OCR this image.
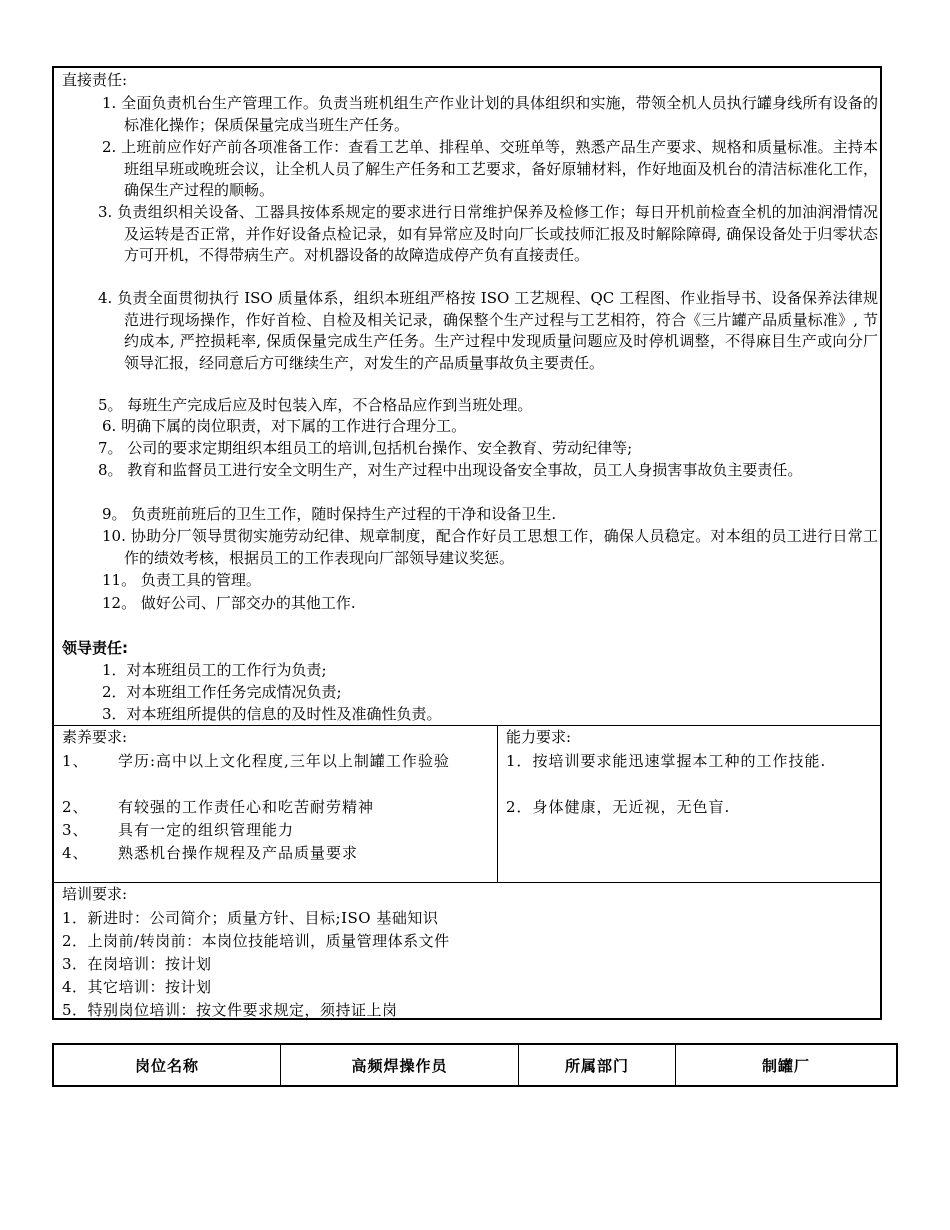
直接责任:
1. 全面负责机台生产管理工作。负责当班机组生产作业计划的具体组织和实施，带领全机人员执行罐身线所有设备的标准化操作；保质保量完成当班生产任务。
2. 上班前应作好产前各项准备工作：查看工艺单、排程单、交班单等，熟悉产品生产要求、规格和质量标准。主持本班组早班或晚班会议，让全机人员了解生产任务和工艺要求，备好原辅材料，作好地面及机台的清洁标准化工作，确保生产过程的顺畅。
3. 负责组织相关设备、工器具按体系规定的要求进行日常维护保养及检修工作；每日开机前检查全机的加油润滑情况及运转是否正常，并作好设备点检记录，如有异常应及时向厂长或技师汇报及时解除障碍, 确保设备处于归零状态方可开机，不得带病生产。对机器设备的故障造成停产负有直接责任。
4. 负责全面贯彻执行 ISO 质量体系，组织本班组严格按 ISO 工艺规程、QC 工程图、作业指导书、设备保养法律规范进行现场操作，作好首检、自检及相关记录，确保整个生产过程与工艺相符，符合《三片罐产品质量标准》, 节约成本, 严控损耗率, 保质保量完成生产任务。生产过程中发现质量问题应及时停机调整，不得麻目生产或向分厂领导汇报，经同意后方可继续生产，对发生的产品质量事故负主要责任。
5。 每班生产完成后应及时包装入库，不合格品应作到当班处理。
6. 明确下属的岗位职责，对下属的工作进行合理分工。
7。 公司的要求定期组织本组员工的培训,包括机台操作、安全教育、劳动纪律等;
8。 教育和监督员工进行安全文明生产，对生产过程中出现设备安全事故，员工人身损害事故负主要责任。
9。 负责班前班后的卫生工作，随时保持生产过程的干净和设备卫生.
10. 协助分厂领导贯彻实施劳动纪律、规章制度，配合作好员工思想工作，确保人员稳定。对本组的员工进行日常工作的绩效考核，根据员工的工作表现向厂部领导建议奖惩。
11。 负责工具的管理。
12。 做好公司、厂部交办的其他工作.
领导责任:
1．对本班组员工的工作行为负责;
2．对本班组工作任务完成情况负责;
3．对本班组所提供的信息的及时性及准确性负责。
素养要求:
1、 学历:高中以上文化程度,三年以上制罐工作验验
2、 有较强的工作责任心和吃苦耐劳精神
3、 具有一定的组织管理能力
4、 熟悉机台操作规程及产品质量要求
能力要求:
1．按培训要求能迅速掌握本工种的工作技能.
2．身体健康，无近视，无色盲.
培训要求:
1．新进时：公司简介；质量方针、目标;ISO 基础知识
2．上岗前/转岗前：本岗位技能培训，质量管理体系文件
3．在岗培训：按计划
4．其它培训：按计划
5．特别岗位培训：按文件要求规定，须持证上岗
岗位名称	高频焊操作员	所属部门	制罐厂
